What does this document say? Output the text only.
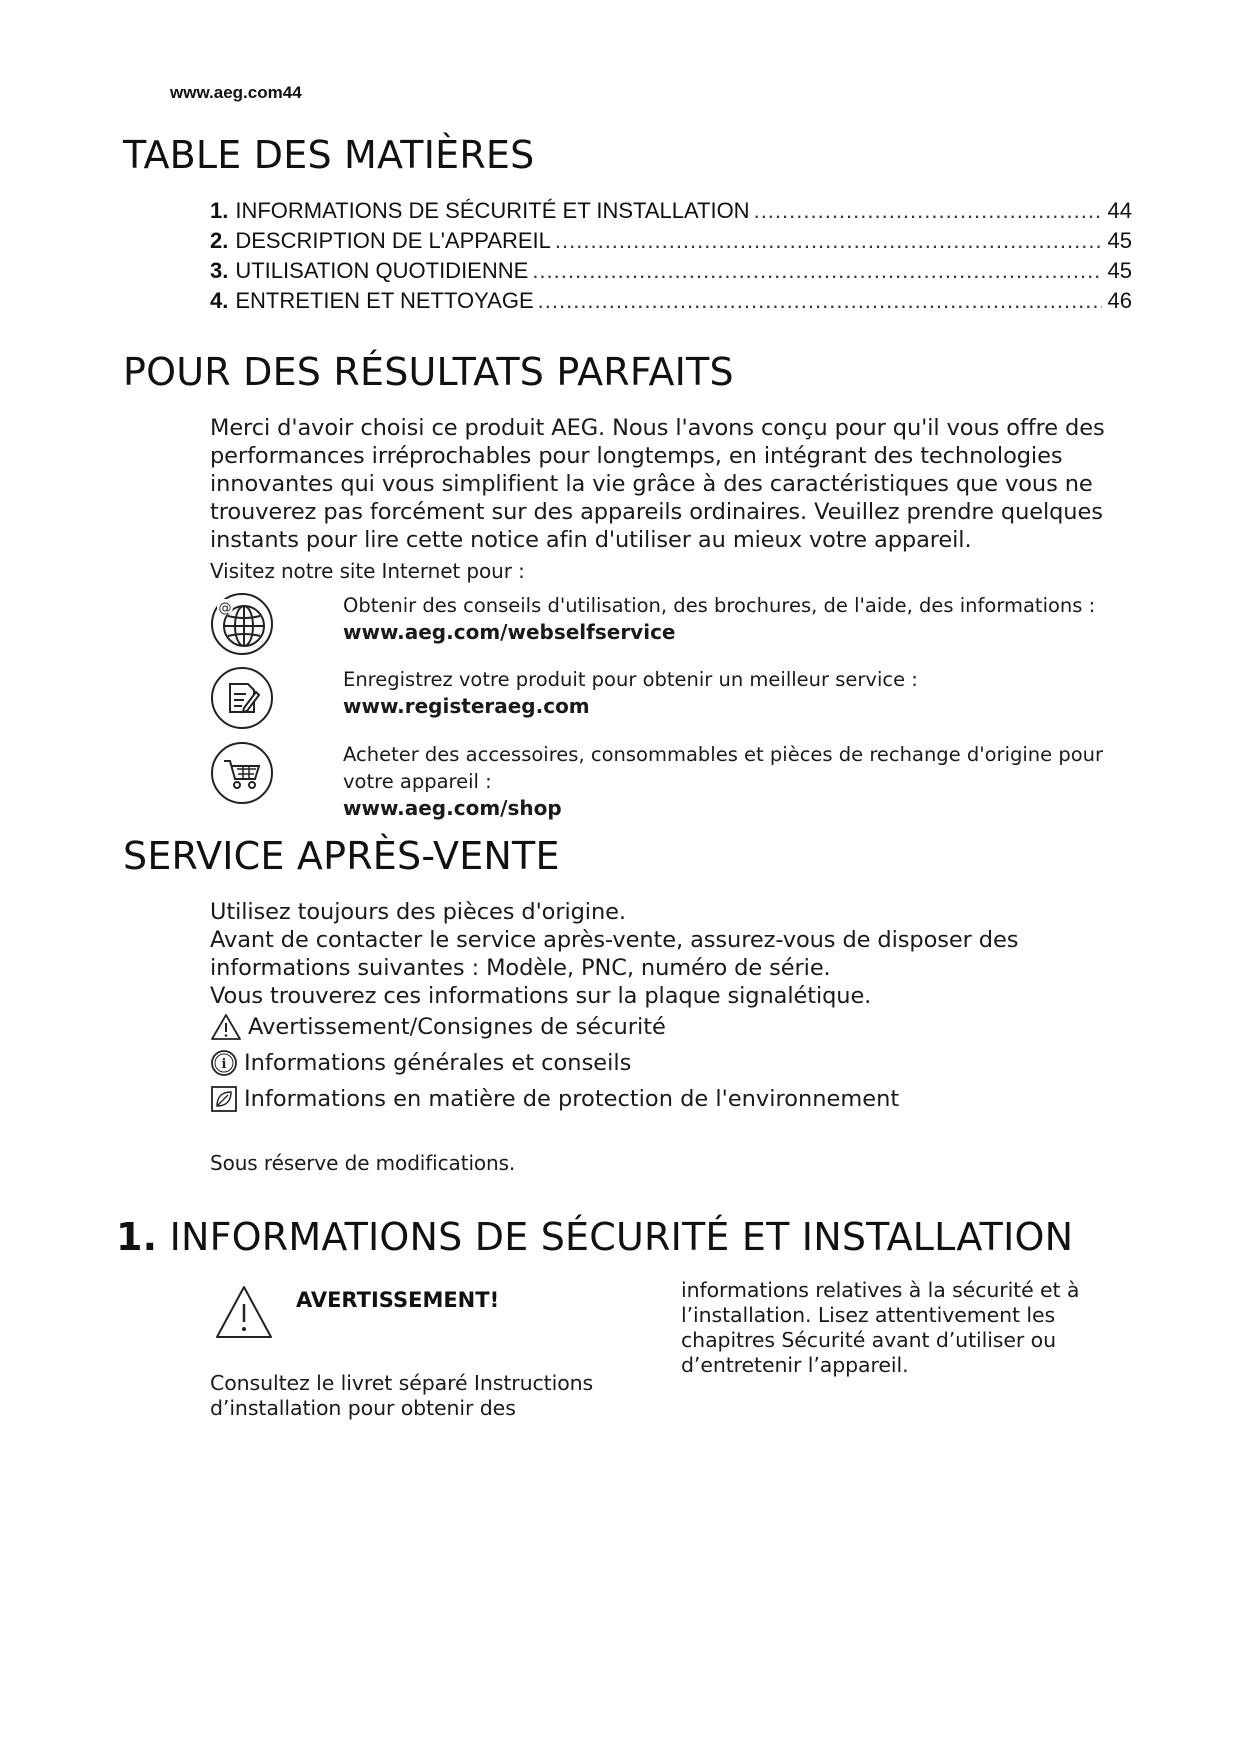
www.aeg.com44
TABLE DES MATIÈRES
1. INFORMATIONS DE SÉCURITÉ ET INSTALLATION .....	44
2. DESCRIPTION DE L'APPAREIL .....	45
3. UTILISATION QUOTIDIENNE .....	45
4. ENTRETIEN ET NETTOYAGE .....	46
POUR DES RÉSULTATS PARFAITS

Merci d'avoir choisi ce produit AEG. Nous l'avons conçu pour qu'il vous offre des performances irréprochables pour longtemps, en intégrant des technologies innovantes qui vous simplifient la vie grâce à des caractéristiques que vous ne trouverez pas forcément sur des appareils ordinaires. Veuillez prendre quelques instants pour lire cette notice afin d'utiliser au mieux votre appareil.

Visitez notre site Internet pour :

@	Obtenir des conseils d'utilisation, des brochures, de l'aide, des informations :
www.aeg.com/webselfservice
Enregistrez votre produit pour obtenir un meilleur service :
www.registeraeg.com
Acheter des accessoires, consommables et pièces de rechange d'origine pour votre appareil :
www.aeg.com/shop
SERVICE APRÈS-VENTE
Utilisez toujours des pièces d'origine.
Avant de contacter le service après-vente, assurez-vous de disposer des informations suivantes : Modèle, PNC, numéro de série.
Vous trouverez ces informations sur la plaque signalétique.
Avertissement/Consignes de sécurité
i Informations générales et conseils
Informations en matière de protection de l'environnement

Sous réserve de modifications.

1. INFORMATIONS DE SÉCURITÉ ET INSTALLATION
AVERTISSEMENT!

Consultez le livret séparé Instructions d’installation pour obtenir des

informations relatives à la sécurité et à l’installation. Lisez attentivement les chapitres Sécurité avant d’utiliser ou d’entretenir l’appareil.
